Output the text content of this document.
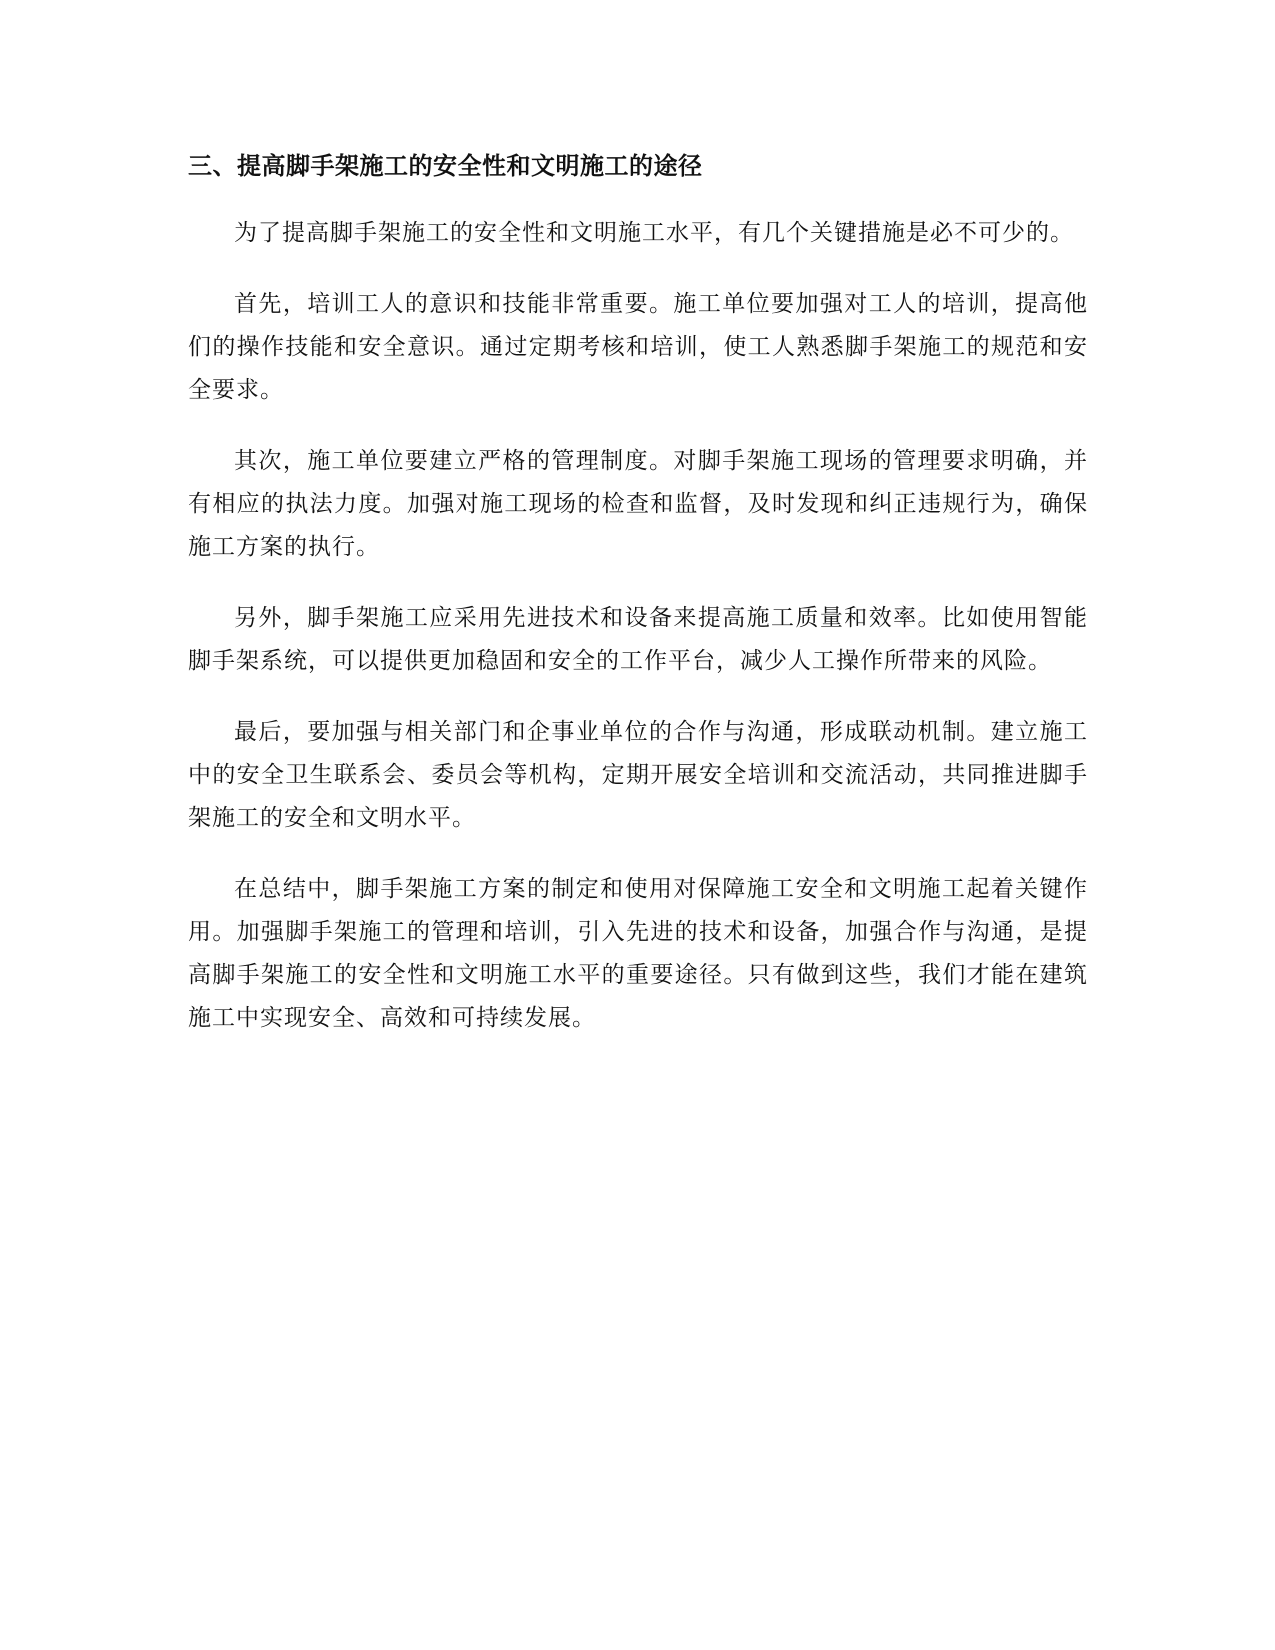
三、提高脚手架施工的安全性和文明施工的途径

为了提高脚手架施工的安全性和文明施工水平，有几个关键措施是必不可少的。

首先，培训工人的意识和技能非常重要。施工单位要加强对工人的培训，提高他们的操作技能和安全意识。通过定期考核和培训，使工人熟悉脚手架施工的规范和安全要求。

其次，施工单位要建立严格的管理制度。对脚手架施工现场的管理要求明确，并有相应的执法力度。加强对施工现场的检查和监督，及时发现和纠正违规行为，确保施工方案的执行。

另外，脚手架施工应采用先进技术和设备来提高施工质量和效率。比如使用智能脚手架系统，可以提供更加稳固和安全的工作平台，减少人工操作所带来的风险。

最后，要加强与相关部门和企事业单位的合作与沟通，形成联动机制。建立施工中的安全卫生联系会、委员会等机构，定期开展安全培训和交流活动，共同推进脚手架施工的安全和文明水平。

在总结中，脚手架施工方案的制定和使用对保障施工安全和文明施工起着关键作用。加强脚手架施工的管理和培训，引入先进的技术和设备，加强合作与沟通，是提高脚手架施工的安全性和文明施工水平的重要途径。只有做到这些，我们才能在建筑施工中实现安全、高效和可持续发展。
